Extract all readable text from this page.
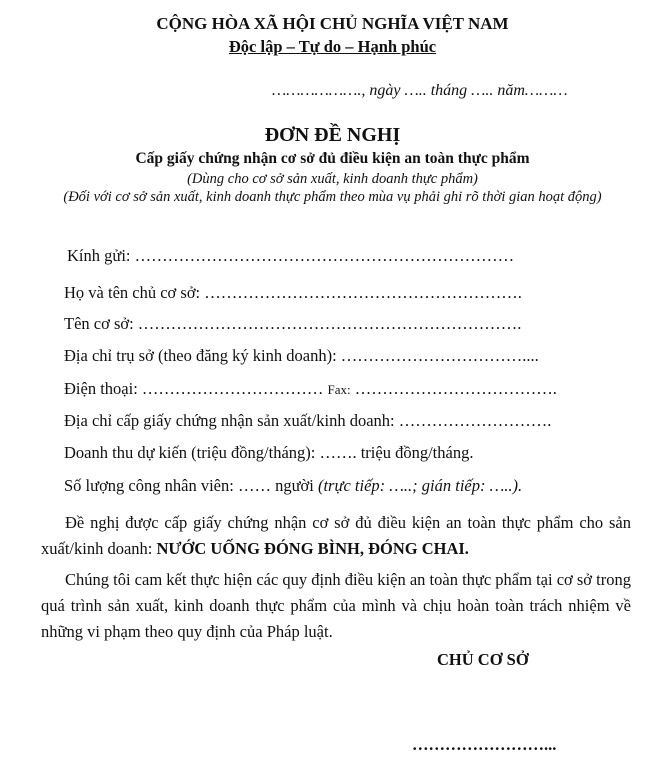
CỘNG HÒA XÃ HỘI CHỦ NGHĨA VIỆT NAM
Độc lập – Tự do – Hạnh phúc
………………., ngày ….. tháng ….. năm………
ĐƠN ĐỀ NGHỊ
Cấp giấy chứng nhận cơ sở đủ điều kiện an toàn thực phẩm
(Dùng cho cơ sở sản xuất, kinh doanh thực phẩm)
(Đối với cơ sở sản xuất, kinh doanh thực phẩm theo mùa vụ phải ghi rõ thời gian hoạt động)
Kính gửi: ……………………………………………………………
Họ và tên chủ cơ sở: ………………………………………………….
Tên cơ sở: …………………………………………………………….
Địa chỉ trụ sở (theo đăng ký kinh doanh): ……………………………....
Điện thoại: …………………………… Fax: ……………………………….
Địa chỉ cấp giấy chứng nhận sản xuất/kinh doanh: ……………………….
Doanh thu dự kiến (triệu đồng/tháng): ……. triệu đồng/tháng.
Số lượng công nhân viên: …… người (trực tiếp: …..; gián tiếp: …..).
Đề nghị được cấp giấy chứng nhận cơ sở đủ điều kiện an toàn thực phẩm cho sản xuất/kinh doanh: NƯỚC UỐNG ĐÓNG BÌNH, ĐÓNG CHAI.
Chúng tôi cam kết thực hiện các quy định điều kiện an toàn thực phẩm tại cơ sở trong quá trình sản xuất, kinh doanh thực phẩm của mình và chịu hoàn toàn trách nhiệm về những vi phạm theo quy định của Pháp luật.
CHỦ CƠ SỞ
……………………...
